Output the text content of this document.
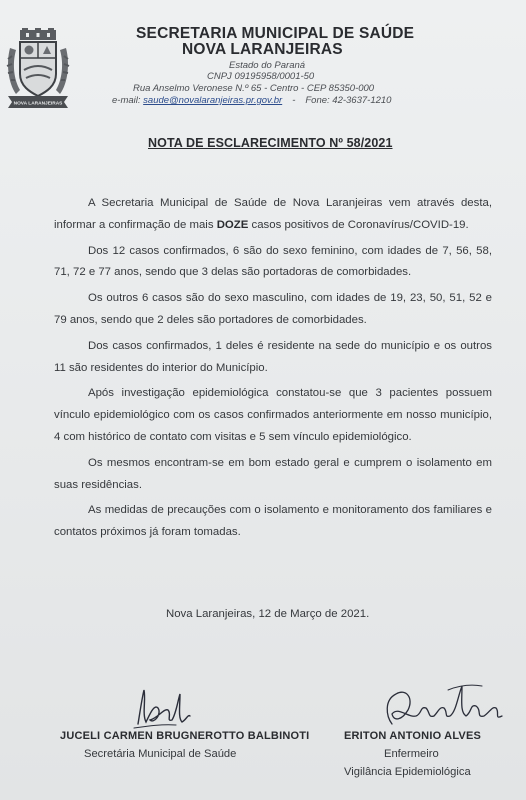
NOVA LARANJEIRAS
SECRETARIA MUNICIPAL DE SAÚDE
NOVA LARANJEIRAS
Estado do Paraná
CNPJ 09195958/0001-50
Rua Anselmo Veronese N.º 65 - Centro - CEP 85350-000
e-mail: saude@novalaranjeiras.pr.gov.br - Fone: 42-3637-1210
NOTA DE ESCLARECIMENTO Nº 58/2021

A Secretaria Municipal de Saúde de Nova Laranjeiras vem através desta, informar a confirmação de mais DOZE casos positivos de Coronavírus/COVID-19.

Dos 12 casos confirmados, 6 são do sexo feminino, com idades de 7, 56, 58, 71, 72 e 77 anos, sendo que 3 delas são portadoras de comorbidades.

Os outros 6 casos são do sexo masculino, com idades de 19, 23, 50, 51, 52 e 79 anos, sendo que 2 deles são portadores de comorbidades.

Dos casos confirmados, 1 deles é residente na sede do município e os outros 11 são residentes do interior do Município.

Após investigação epidemiológica constatou-se que 3 pacientes possuem vínculo epidemiológico com os casos confirmados anteriormente em nosso município, 4 com histórico de contato com visitas e 5 sem vínculo epidemiológico.

Os mesmos encontram-se em bom estado geral e cumprem o isolamento em suas residências.

As medidas de precauções com o isolamento e monitoramento dos familiares e contatos próximos já foram tomadas.

Nova Laranjeiras, 12 de Março de 2021.
JUCELI CARMEN BRUGNEROTTO BALBINOTI
Secretária Municipal de Saúde
ERITON ANTONIO ALVES
Enfermeiro
Vigilância Epidemiológica
